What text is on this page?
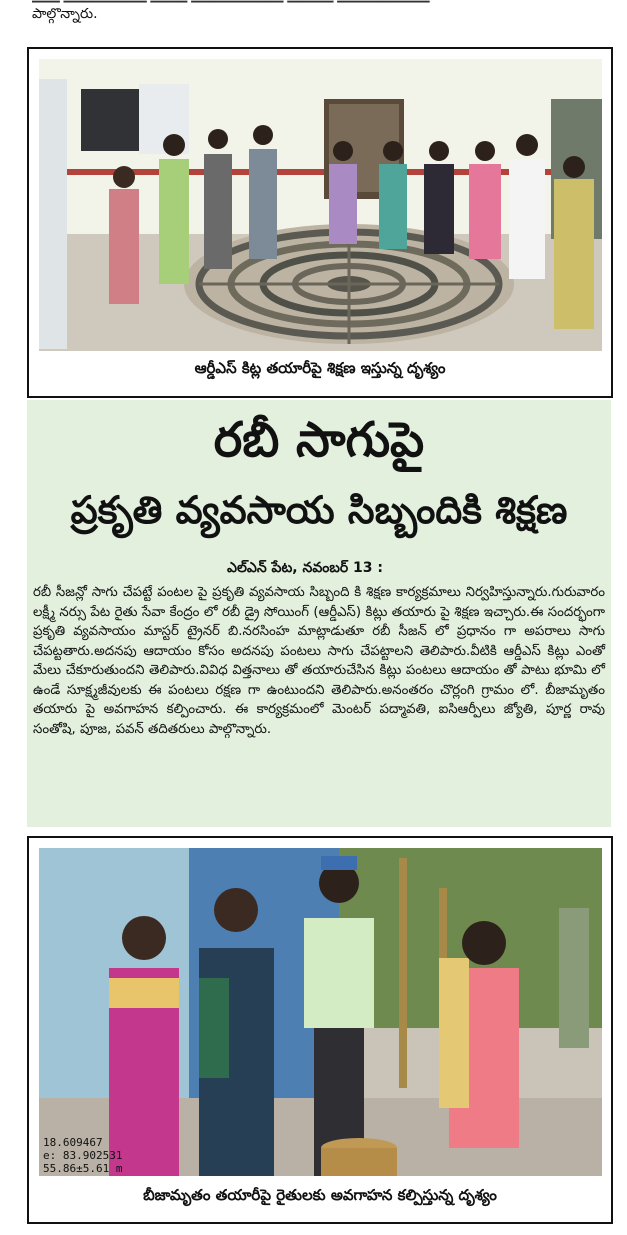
పాల్గొన్నారు.
ఆర్డీఎస్ కిట్ల తయారీపై శిక్షణ ఇస్తున్న దృశ్యం
రబీ సాగుపై
ప్రకృతి వ్యవసాయ సిబ్బందికి శిక్షణ
ఎల్ఎన్ పేట, నవంబర్ 13 :
రబీ సీజన్లో సాగు చేపట్టే పంటల పై ప్రకృతి వ్యవసాయ సిబ్బంది కి శిక్షణ కార్యక్రమాలు నిర్వహిస్తున్నారు.గురువారం లక్ష్మీ నర్సు పేట రైతు సేవా కేంద్రం లో రబీ డ్రై సోయింగ్ (ఆర్డీఎస్) కిట్లు తయారు పై శిక్షణ ఇచ్చారు.ఈ సందర్భంగా ప్రకృతి వ్యవసాయం మాస్టర్ ట్రైనర్ బి.నరసింహ మాట్లాడుతూ రబీ సీజన్ లో ప్రధానం గా అపరాలు సాగు చేపట్టతారు.అదనపు ఆదాయం కోసం అదనపు పంటలు సాగు చేపట్టాలని తెలిపారు.వీటికి ఆర్డీఎస్ కిట్లు ఎంతో మేలు చేకూరుతుందని తెలిపారు.వివిధ విత్తనాలు తో తయారుచేసిన కిట్లు పంటలు ఆదాయం తో పాటు భూమి లో ఉండే సూక్ష్మజీవులకు ఈ పంటలు రక్షణ గా ఉంటుందని తెలిపారు.అనంతరం చొర్లంగి గ్రామం లో. బీజామృతం తయారు పై అవగాహన కల్పించారు. ఈ కార్యక్రమంలో మెంటర్ పద్మావతి, ఐసిఆర్పీలు జ్యోతి, పూర్ణ రావు సంతోషి, పూజ, పవన్ తదితరులు పాల్గొన్నారు.
18.609467
e: 83.902531
55.86±5.61 m
బీజామృతం తయారీపై రైతులకు అవగాహన కల్పిస్తున్న దృశ్యం
